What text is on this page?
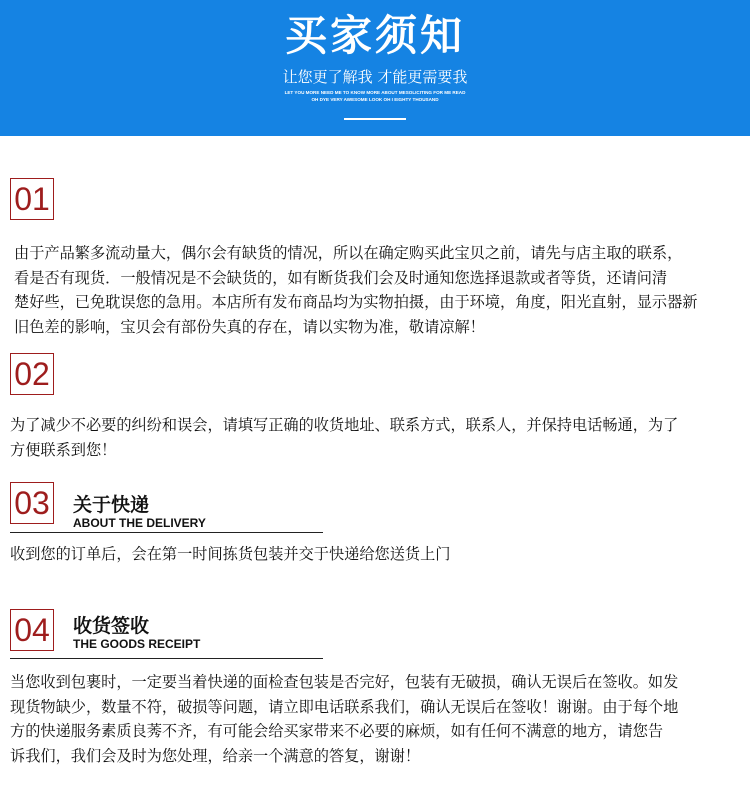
买家须知
让您更了解我 才能更需要我
LET YOU MORE NEED ME TO KNOW MORE ABOUT MESOLICITING FOR ME READ
OH DYE VERY AWESOME LOOK OH I EIGHTY THOUSAND
01
由于产品繁多流动量大，偶尔会有缺货的情况，所以在确定购买此宝贝之前，请先与店主取的联系，
看是否有现货．一般情况是不会缺货的，如有断货我们会及时通知您选择退款或者等货，还请问清
楚好些，已免耽误您的急用。本店所有发布商品均为实物拍摄，由于环境，角度，阳光直射，显示器新
旧色差的影响，宝贝会有部份失真的存在，请以实物为准，敬请凉解！
02
为了减少不必要的纠纷和误会，请填写正确的收货地址、联系方式，联系人，并保持电话畅通，为了
方便联系到您！
03 关于快递
ABOUT THE DELIVERY
收到您的订单后，会在第一时间拣货包装并交于快递给您送货上门
04 收货签收
THE GOODS RECEIPT
当您收到包裹时，一定要当着快递的面检查包装是否完好，包装有无破损，确认无误后在签收。如发
现货物缺少，数量不符，破损等问题，请立即电话联系我们，确认无误后在签收！谢谢。由于每个地
方的快递服务素质良莠不齐，有可能会给买家带来不必要的麻烦，如有任何不满意的地方，请您告
诉我们，我们会及时为您处理，给亲一个满意的答复，谢谢！
